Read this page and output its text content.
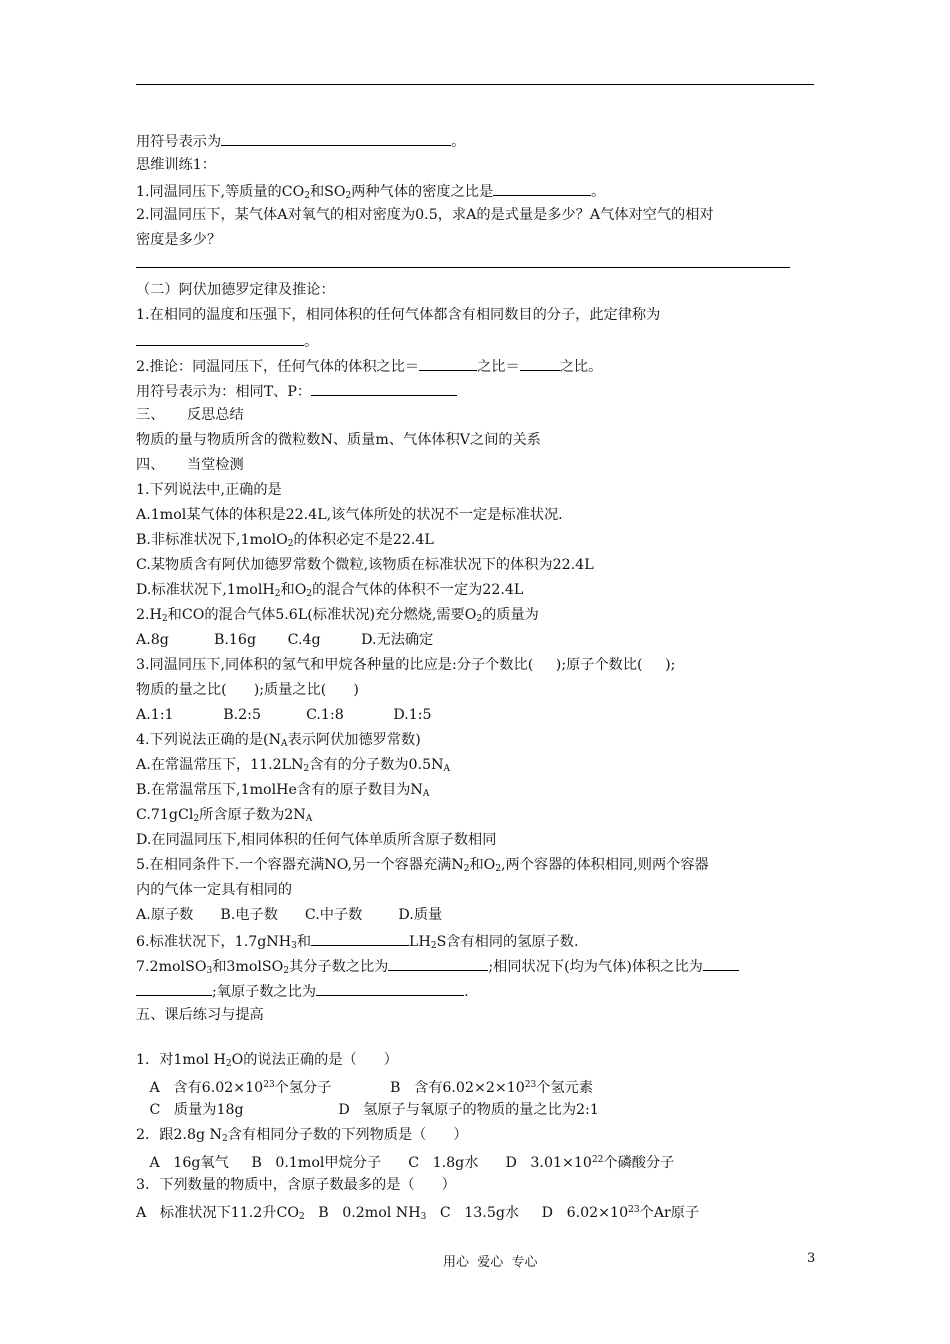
用符号表示为	。
思维训练1：
1.同温同压下,等质量的$CO_2$和$SO_2$两种气体的密度之比是	。
2.同温同压下，某气体A对氧气的相对密度为0.5，求A的是式量是多少？A气体对空气的相对
密度是多少？
（二）阿伏加德罗定律及推论：
1.在相同的温度和压强下，相同体积的任何气体都含有相同数目的分子，此定律称为
。
2.推论：同温同压下，任何气体的体积之比＝	之比＝	之比。
用符号表示为：相同T、P：
三、     反思总结
物质的量与物质所含的微粒数N、质量m、气体体积V之间的关系
四、     当堂检测
1.下列说法中,正确的是
A.1mol某气体的体积是22.4L,该气体所处的状况不一定是标准状况.
B.非标准状况下,1molO$_2$的体积必定不是22.4L
C.某物质含有阿伏加德罗常数个微粒,该物质在标准状况下的体积为22.4L
D.标准状况下,1molH$_2$和$O_2$的混合气体的体积不一定为22.4L
$2.H_2$和CO的混合气体5.6L(标准状况)充分燃烧,需要$O_2$的质量为
A.8g          B.16g       C.4g         D.无法确定
3.同温同压下,同体积的氢气和甲烷各种量的比应是:分子个数比(     );原子个数比(     );
物质的量之比(      );质量之比(      )
A.1:1           B.2:5          C.1:8           D.1:5
4.下列说法正确的是($N_A$表示阿伏加德罗常数)
A.在常温常压下，$11.2LN_2$含有的分子数为$0.5N_A$
B.在常温常压下,1molHe含有的原子数目为$N_A$
C.71gCl$_2$所含原子数为$2N_A$
D.在同温同压下,相同体积的任何气体单质所含原子数相同
5.在相同条件下.一个容器充满NO,另一个容器充满$N_2$和$O_2$,两个容器的体积相同,则两个容器
内的气体一定具有相同的
A.原子数      B.电子数      C.中子数        D.质量
6.标准状况下，1.7gNH$_3$和	$LH_2S$含有相同的氢原子数.
7.2molSO$_3$和3molSO$_2$其分子数之比为	;相同状况下(均为气体)体积之比为
;氧原子数之比为	.
五、课后练习与提高
1．对1mol $H_2O$的说法正确的是（      ）
A   含有$6.02\times 10^{23}$个氢分子             B   含有$6.02\times 2\times 10^{23}$个氢元素
C   质量为18g                     D   氢原子与氧原子的物质的量之比为2:1
2．跟2.8g $N_2$含有相同分子数的下列物质是（      ）
A   16g氧气     B   0.1mol甲烷分子      C   1.8g水      D   $3.01\times 10^{22}$个磷酸分子
3．下列数量的物质中，含原子数最多的是（      ）
A   标准状况下11.2升$CO_2$   B   0.2mol $NH_3$   C   13.5g水     D   $6.02\times 10^{23}$个Ar原子
用心  爱心  专心	3
